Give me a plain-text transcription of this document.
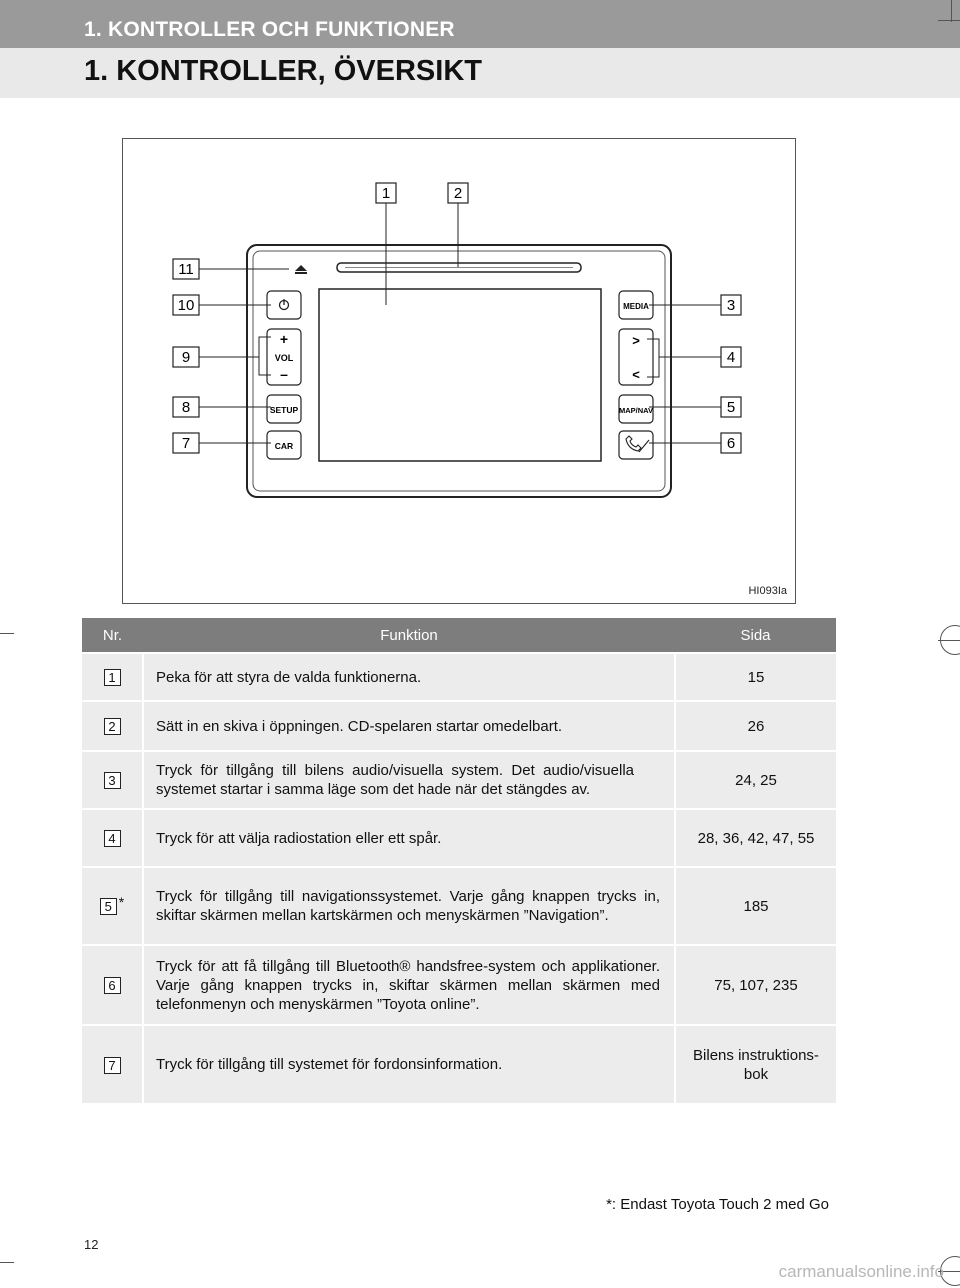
1. KONTROLLER OCH FUNKTIONER
1. KONTROLLER, ÖVERSIKT
+
VOL
–
SETUP
CAR
MEDIA
>
<
MAP/NAV
1	2
3
4
5
6
7
8
9
10
11
HI093Ia
Nr.	Funktion	Sida
1	Peka för att styra de valda funktionerna.	15
2	Sätt in en skiva i öppningen. CD-spelaren startar omedelbart.	26
3	Tryck för tillgång till bilens audio/visuella system. Det audio/visuella systemet startar i samma läge som det hade när det stängdes av.	24, 25
4	Tryck för att välja radiostation eller ett spår.	28, 36, 42, 47, 55
5 *	Tryck för tillgång till navigationssystemet. Varje gång knappen trycks in, skiftar skärmen mellan kartskärmen och menyskärmen ”Navigation”.	185
6	Tryck för att få tillgång till Bluetooth® handsfree-system och applikationer. Varje gång knappen trycks in, skiftar skärmen mellan skärmen med telefonmenyn och menyskärmen ”Toyota online”.	75, 107, 235
7	Tryck för tillgång till systemet för fordonsinformation.	Bilens instruktions-bok
*: Endast Toyota Touch 2 med Go
12
carmanualsonline.info
